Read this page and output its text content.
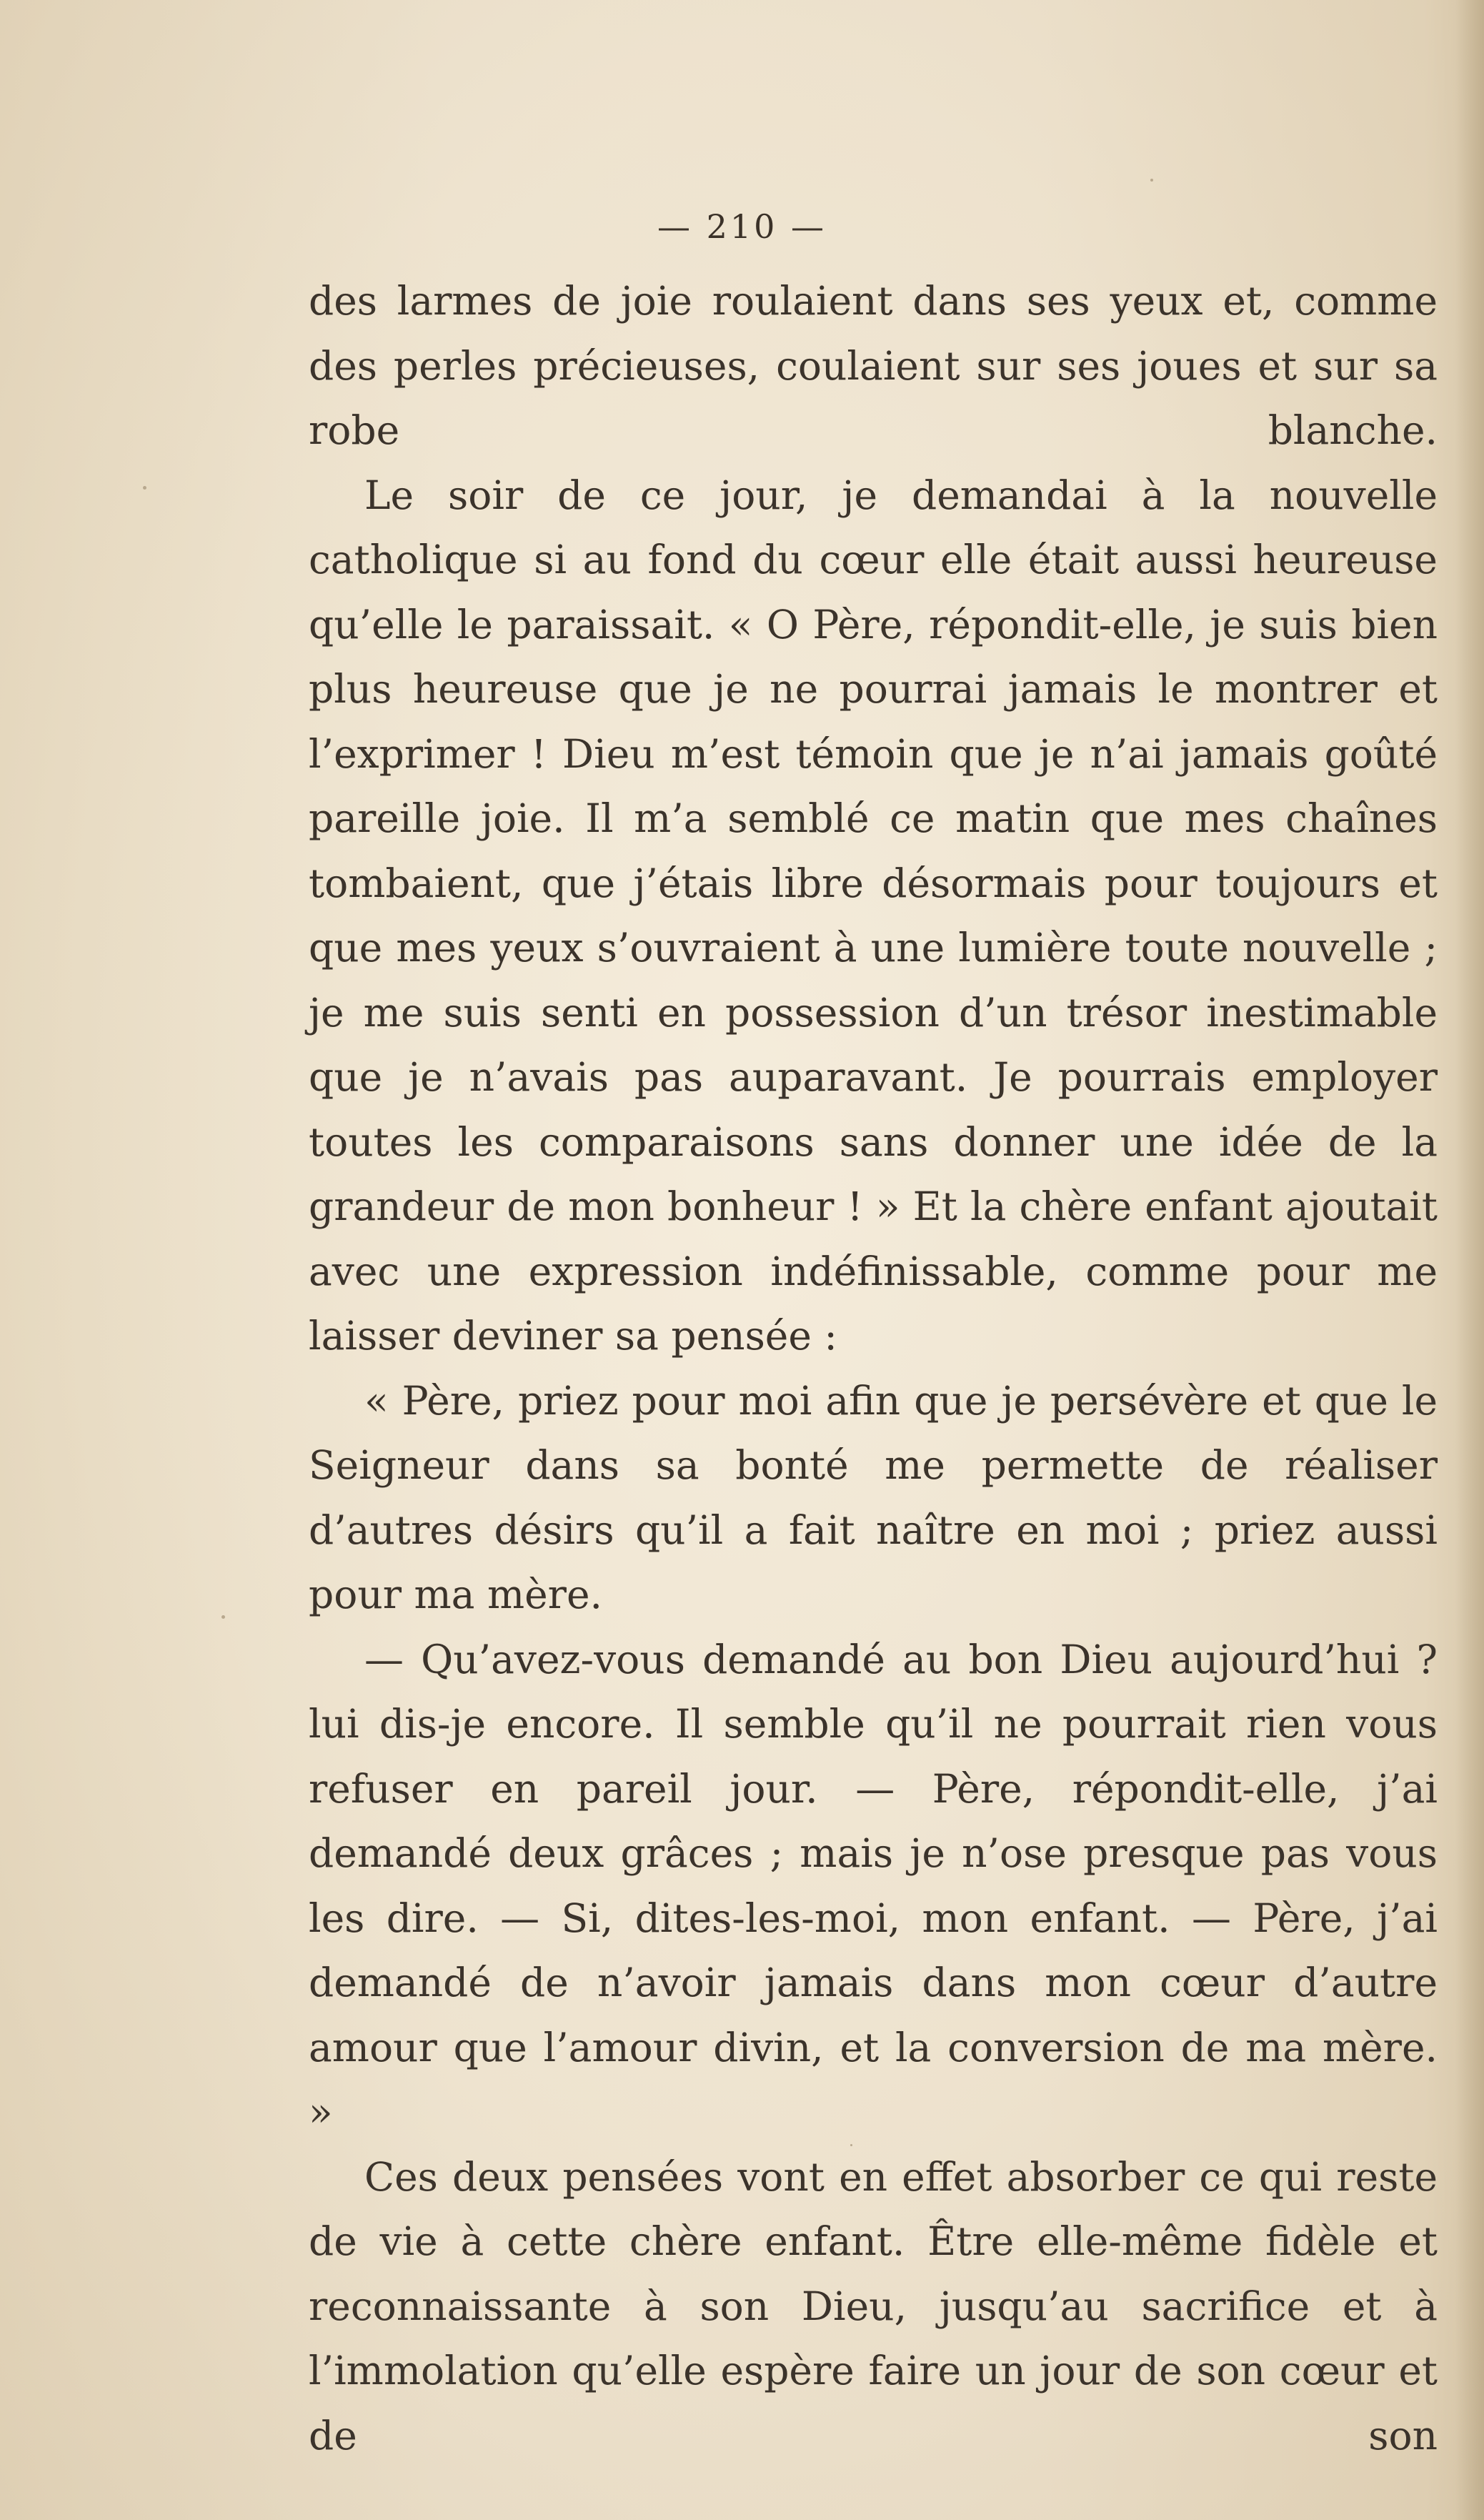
— 210 —

des larmes de joie roulaient dans ses yeux et, comme des perles précieuses, coulaient sur ses joues et sur sa robe blanche.

Le soir de ce jour, je demandai à la nouvelle catholique si au fond du cœur elle était aussi heureuse qu’elle le paraissait. « O Père, répondit-elle, je suis bien plus heureuse que je ne pourrai jamais le montrer et l’exprimer ! Dieu m’est témoin que je n’ai jamais goûté pareille joie. Il m’a semblé ce matin que mes chaînes tombaient, que j’étais libre désormais pour toujours et que mes yeux s’ouvraient à une lumière toute nouvelle ; je me suis senti en possession d’un trésor inestimable que je n’avais pas auparavant. Je pourrais employer toutes les comparaisons sans donner une idée de la grandeur de mon bonheur ! » Et la chère enfant ajoutait avec une expression indéfinissable, comme pour me laisser deviner sa pensée :

« Père, priez pour moi afin que je persévère et que le Seigneur dans sa bonté me permette de réaliser d’autres désirs qu’il a fait naître en moi ; priez aussi pour ma mère.

— Qu’avez-vous demandé au bon Dieu aujourd’hui ? lui dis-je encore. Il semble qu’il ne pourrait rien vous refuser en pareil jour. — Père, répondit-elle, j’ai demandé deux grâces ; mais je n’ose presque pas vous les dire. — Si, dites-les-moi, mon enfant. — Père, j’ai demandé de n’avoir jamais dans mon cœur d’autre amour que l’amour divin, et la conversion de ma mère. »

Ces deux pensées vont en effet absorber ce qui reste de vie à cette chère enfant. Être elle-même fidèle et reconnaissante à son Dieu, jusqu’au sacrifice et à l’immolation qu’elle espère faire un jour de son cœur et de son
